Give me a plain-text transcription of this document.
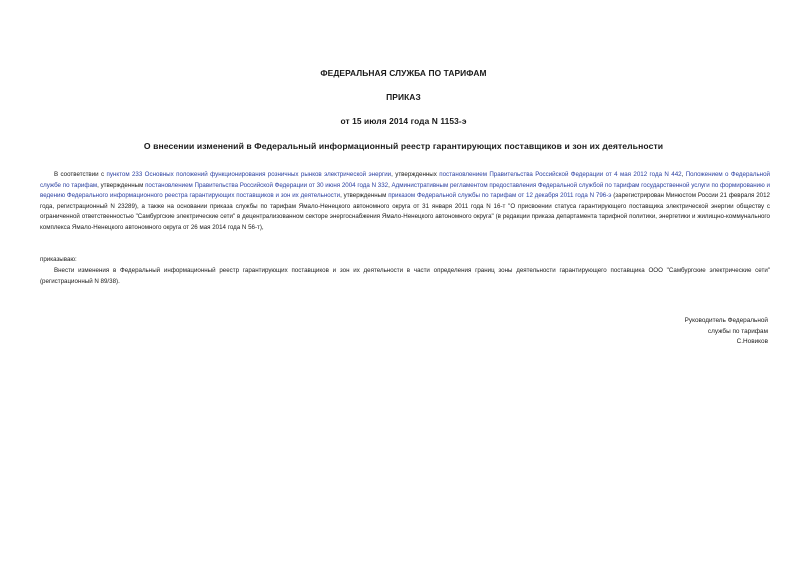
ФЕДЕРАЛЬНАЯ СЛУЖБА ПО ТАРИФАМ
ПРИКАЗ
от 15 июля 2014 года N 1153-э
О внесении изменений в Федеральный информационный реестр гарантирующих поставщиков и зон их деятельности
В соответствии с пунктом 233 Основных положений функционирования розничных рынков электрической энергии, утвержденных постановлением Правительства Российской Федерации от 4 мая 2012 года N 442, Положением о Федеральной службе по тарифам, утвержденным постановлением Правительства Российской Федерации от 30 июня 2004 года N 332, Административным регламентом предоставления Федеральной службой по тарифам государственной услуги по формированию и ведению Федерального информационного реестра гарантирующих поставщиков и зон их деятельности, утвержденным приказом Федеральной службы по тарифам от 12 декабря 2011 года N 796-э (зарегистрирован Минюстом России 21 февраля 2012 года, регистрационный N 23289), а также на основании приказа службы по тарифам Ямало-Ненецкого автономного округа от 31 января 2011 года N 16-т "О присвоении статуса гарантирующего поставщика электрической энергии обществу с ограниченной ответственностью "Самбургские электрические сети" в децентрализованном секторе энергоснабжения Ямало-Ненецкого автономного округа" (в редакции приказа департамента тарифной политики, энергетики и жилищно-коммунального комплекса Ямало-Ненецкого автономного округа от 26 мая 2014 года N 56-т),
приказываю:
Внести изменения в Федеральный информационный реестр гарантирующих поставщиков и зон их деятельности в части определения границ зоны деятельности гарантирующего поставщика ООО "Самбургские электрические сети" (регистрационный N 89/38).
Руководитель Федеральной
службы по тарифам
С.Новиков
